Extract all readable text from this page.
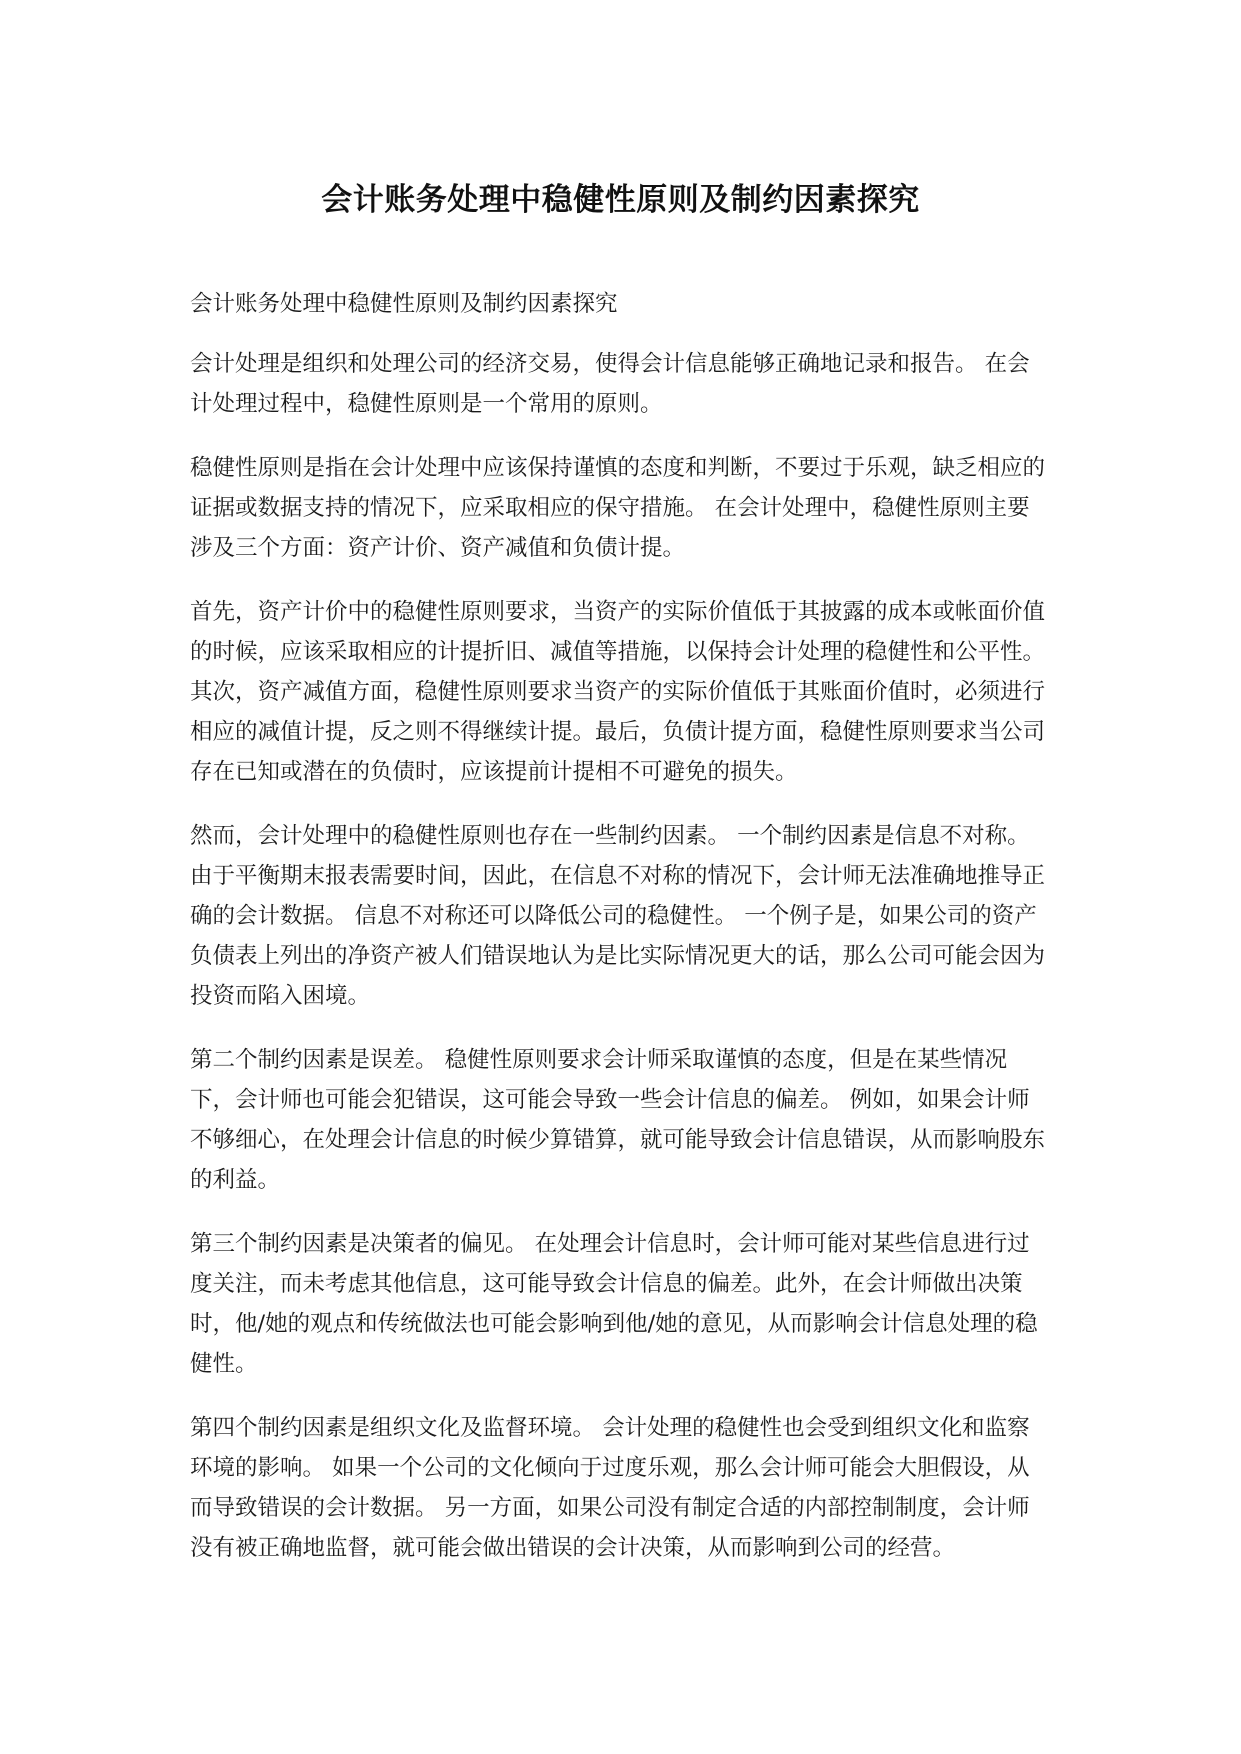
会计账务处理中稳健性原则及制约因素探究

会计账务处理中稳健性原则及制约因素探究

会计处理是组织和处理公司的经济交易，使得会计信息能够正确地记录和报告。 在会计处理过程中，稳健性原则是一个常用的原则。

稳健性原则是指在会计处理中应该保持谨慎的态度和判断，不要过于乐观，缺乏相应的证据或数据支持的情况下，应采取相应的保守措施。 在会计处理中，稳健性原则主要涉及三个方面：资产计价、资产减值和负债计提。

首先，资产计价中的稳健性原则要求，当资产的实际价值低于其披露的成本或帐面价值的时候，应该采取相应的计提折旧、减值等措施，以保持会计处理的稳健性和公平性。 其次，资产减值方面，稳健性原则要求当资产的实际价值低于其账面价值时，必须进行相应的减值计提，反之则不得继续计提。最后，负债计提方面，稳健性原则要求当公司存在已知或潜在的负债时，应该提前计提相不可避免的损失。

然而，会计处理中的稳健性原则也存在一些制约因素。 一个制约因素是信息不对称。 由于平衡期末报表需要时间，因此，在信息不对称的情况下，会计师无法准确地推导正确的会计数据。 信息不对称还可以降低公司的稳健性。 一个例子是，如果公司的资产负债表上列出的净资产被人们错误地认为是比实际情况更大的话，那么公司可能会因为投资而陷入困境。

第二个制约因素是误差。 稳健性原则要求会计师采取谨慎的态度，但是在某些情况下，会计师也可能会犯错误，这可能会导致一些会计信息的偏差。 例如，如果会计师不够细心，在处理会计信息的时候少算错算，就可能导致会计信息错误，从而影响股东的利益。

第三个制约因素是决策者的偏见。 在处理会计信息时，会计师可能对某些信息进行过度关注，而未考虑其他信息，这可能导致会计信息的偏差。此外，在会计师做出决策时，他/她的观点和传统做法也可能会影响到他/她的意见，从而影响会计信息处理的稳健性。

第四个制约因素是组织文化及监督环境。 会计处理的稳健性也会受到组织文化和监察环境的影响。 如果一个公司的文化倾向于过度乐观，那么会计师可能会大胆假设，从而导致错误的会计数据。 另一方面，如果公司没有制定合适的内部控制制度，会计师没有被正确地监督，就可能会做出错误的会计决策，从而影响到公司的经营。
